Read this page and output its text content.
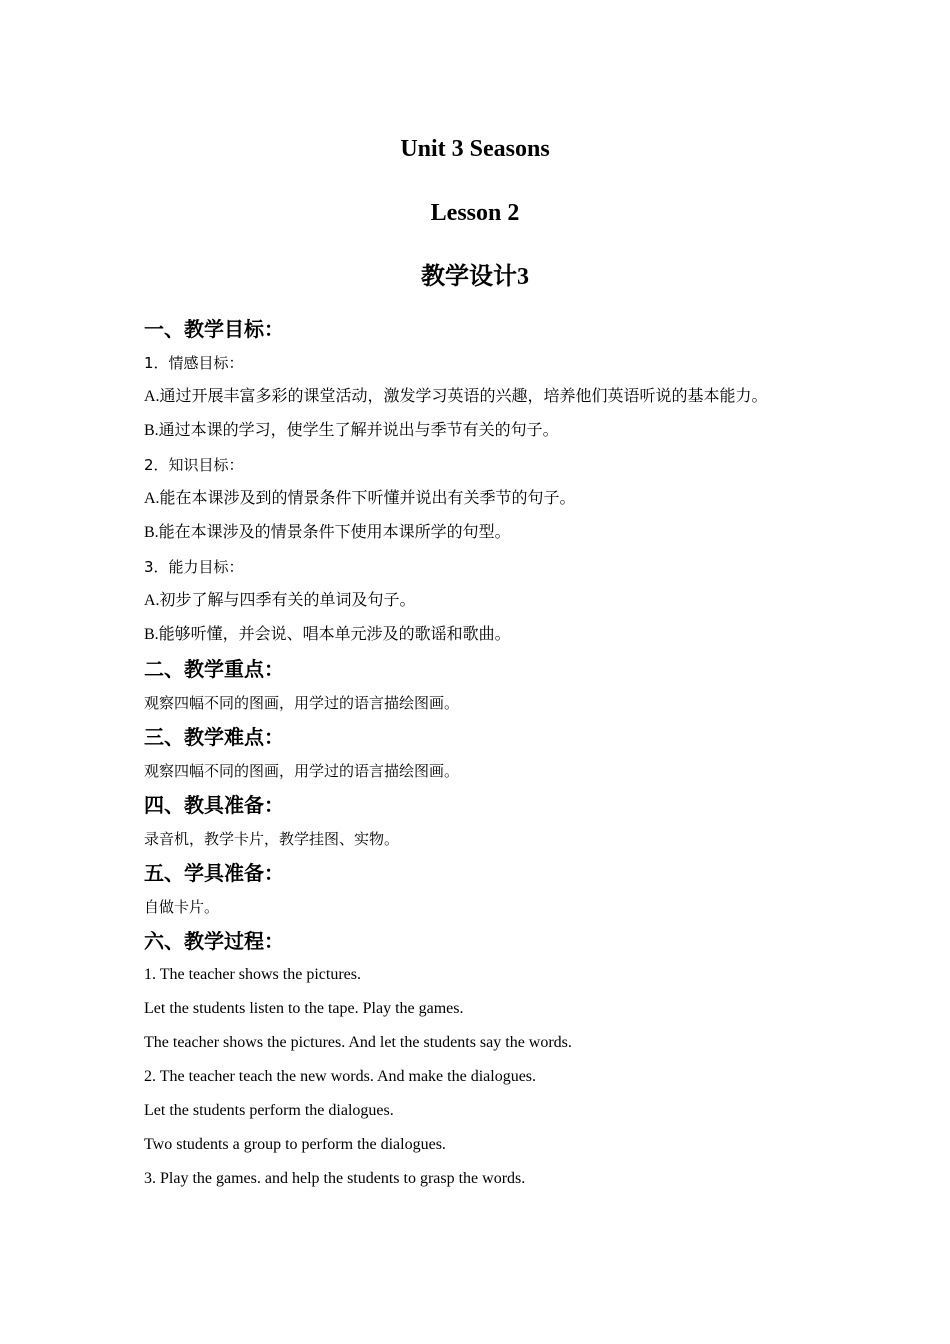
Unit 3 Seasons
Lesson 2
教学设计3
一、教学目标：
1．情感目标：
A.通过开展丰富多彩的课堂活动，激发学习英语的兴趣，培养他们英语听说的基本能力。
B.通过本课的学习，使学生了解并说出与季节有关的句子。
2．知识目标：
A.能在本课涉及到的情景条件下听懂并说出有关季节的句子。
B.能在本课涉及的情景条件下使用本课所学的句型。
3．能力目标：
A.初步了解与四季有关的单词及句子。
B.能够听懂，并会说、唱本单元涉及的歌谣和歌曲。
二、教学重点：
观察四幅不同的图画，用学过的语言描绘图画。
三、教学难点：
观察四幅不同的图画，用学过的语言描绘图画。
四、教具准备：
录音机，教学卡片，教学挂图、实物。
五、学具准备：
自做卡片。
六、教学过程：
1. The teacher shows the pictures.
Let the students listen to the tape. Play the games.
The teacher shows the pictures. And let the students say the words.
2. The teacher teach the new words. And make the dialogues.
Let the students perform the dialogues.
Two students a group to perform the dialogues.
3. Play the games. and help the students to grasp the words.
